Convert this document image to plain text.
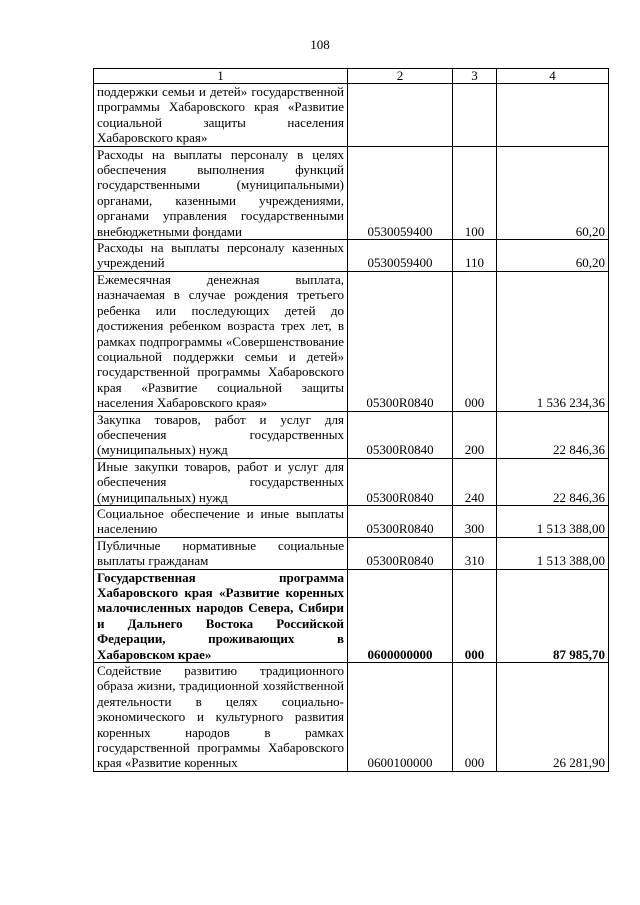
108
1	2	3	4
поддержки семьи и детей» государственной программы Хабаровского края «Развитие социальной защиты населения Хабаровского края»			
Расходы на выплаты персоналу в целях обеспечения выполнения функций государственными (муниципальными) органами, казенными учреждениями, органами управления государственными внебюджетными фондами	0530059400	100	60,20
Расходы на выплаты персоналу казенных учреждений	0530059400	110	60,20
Ежемесячная денежная выплата, назначаемая в случае рождения третьего ребенка или последующих детей до достижения ребенком возраста трех лет, в рамках подпрограммы «Совершенствование социальной поддержки семьи и детей» государственной программы Хабаровского края «Развитие социальной защиты населения Хабаровского края»	05300R0840	000	1 536 234,36
Закупка товаров, работ и услуг для обеспечения государственных (муниципальных) нужд	05300R0840	200	22 846,36
Иные закупки товаров, работ и услуг для обеспечения государственных (муниципальных) нужд	05300R0840	240	22 846,36
Социальное обеспечение и иные выплаты населению	05300R0840	300	1 513 388,00
Публичные нормативные социальные выплаты гражданам	05300R0840	310	1 513 388,00
Государственная программа Хабаровского края «Развитие коренных малочисленных народов Севера, Сибири и Дальнего Востока Российской Федерации, проживающих в Хабаровском крае»	0600000000	000	87 985,70
Содействие развитию традиционного образа жизни, традиционной хозяйственной деятельности в целях социально-экономического и культурного развития коренных народов в рамках государственной программы Хабаровского края «Развитие коренных	0600100000	000	26 281,90
